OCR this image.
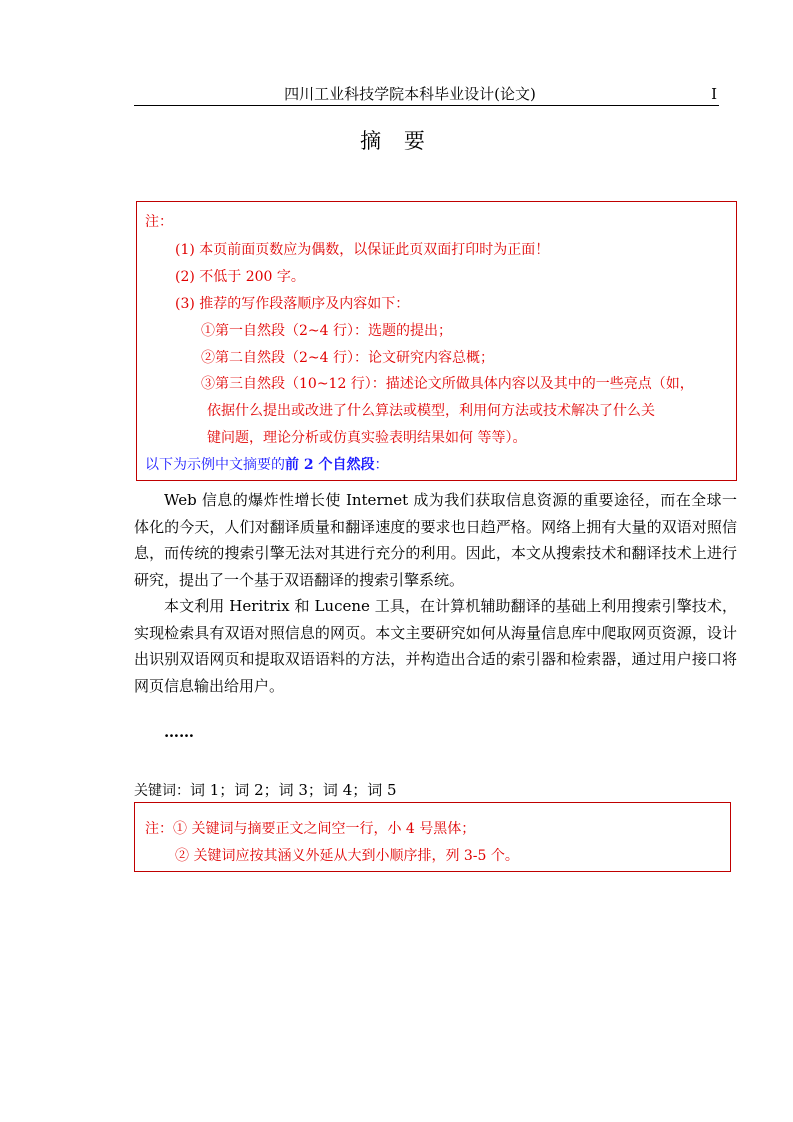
四川工业科技学院本科毕业设计(论文)	I
摘 要
注：
(1) 本页前面页数应为偶数，以保证此页双面打印时为正面！
(2) 不低于 200 字。
(3) 推荐的写作段落顺序及内容如下：
①第一自然段（2~4 行）：选题的提出；
②第二自然段（2~4 行）：论文研究内容总概；
③第三自然段（10~12 行）：描述论文所做具体内容以及其中的一些亮点（如，
依据什么提出或改进了什么算法或模型，利用何方法或技术解决了什么关
键问题，理论分析或仿真实验表明结果如何 等等）。
以下为示例中文摘要的前 2 个自然段：
Web 信息的爆炸性增长使 Internet 成为我们获取信息资源的重要途径，而在全球一体化的今天，人们对翻译质量和翻译速度的要求也日趋严格。网络上拥有大量的双语对照信息，而传统的搜索引擎无法对其进行充分的利用。因此，本文从搜索技术和翻译技术上进行研究，提出了一个基于双语翻译的搜索引擎系统。
本文利用 Heritrix 和 Lucene 工具，在计算机辅助翻译的基础上利用搜索引擎技术，实现检索具有双语对照信息的网页。本文主要研究如何从海量信息库中爬取网页资源，设计出识别双语网页和提取双语语料的方法，并构造出合适的索引器和检索器，通过用户接口将网页信息输出给用户。
……
关键词：词 1；词 2；词 3；词 4；词 5
注：① 关键词与摘要正文之间空一行，小 4 号黑体；
② 关键词应按其涵义外延从大到小顺序排，列 3-5 个。
